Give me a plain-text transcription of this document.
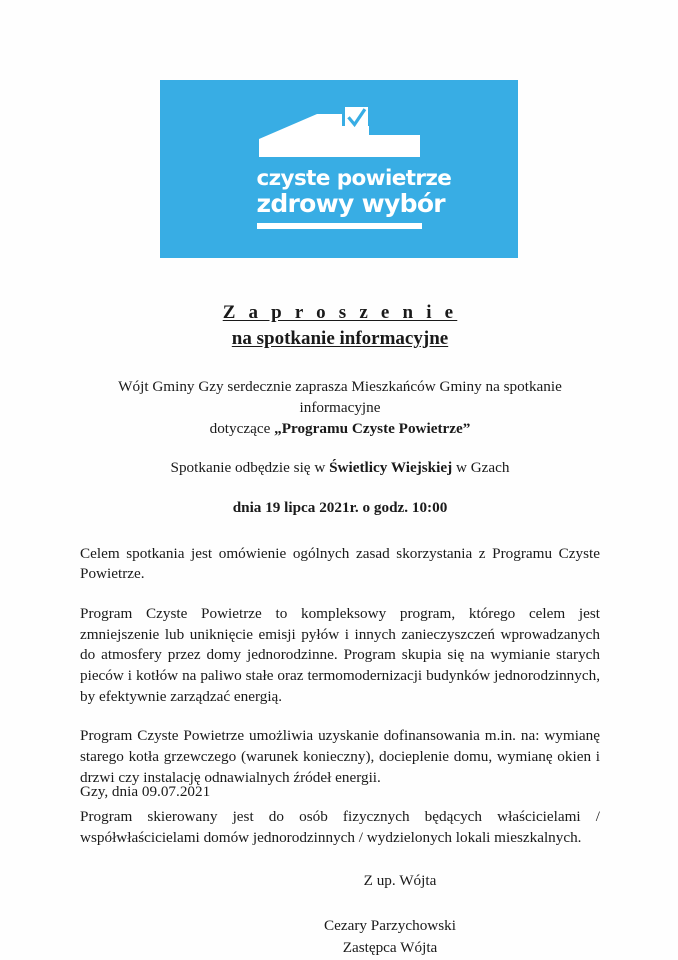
czyste powietrze
zdrowy wybór
Z a p r o s z e n i e
na spotkanie informacyjne

Wójt Gminy Gzy serdecznie zaprasza Mieszkańców Gminy na spotkanie informacyjne
dotyczące „Programu Czyste Powietrze”

Spotkanie odbędzie się w Świetlicy Wiejskiej w Gzach

dnia 19 lipca 2021r. o godz. 10:00

Celem spotkania jest omówienie ogólnych zasad skorzystania z Programu Czyste Powietrze.

Program Czyste Powietrze to kompleksowy program, którego celem jest zmniejszenie lub uniknięcie emisji pyłów i innych zanieczyszczeń wprowadzanych do atmosfery przez domy jednorodzinne. Program skupia się na wymianie starych pieców i kotłów na paliwo stałe oraz termomodernizacji budynków jednorodzinnych, by efektywnie zarządzać energią.

Program Czyste Powietrze umożliwia uzyskanie dofinansowania m.in. na: wymianę starego kotła grzewczego (warunek konieczny), docieplenie domu, wymianę okien i drzwi czy instalację odnawialnych źródeł energii.

Program skierowany jest do osób fizycznych będących właścicielami / współwłaścicielami domów jednorodzinnych / wydzielonych lokali mieszkalnych.

Z up. Wójta
Cezary Parzychowski
Zastępca Wójta
Gzy, dnia 09.07.2021
